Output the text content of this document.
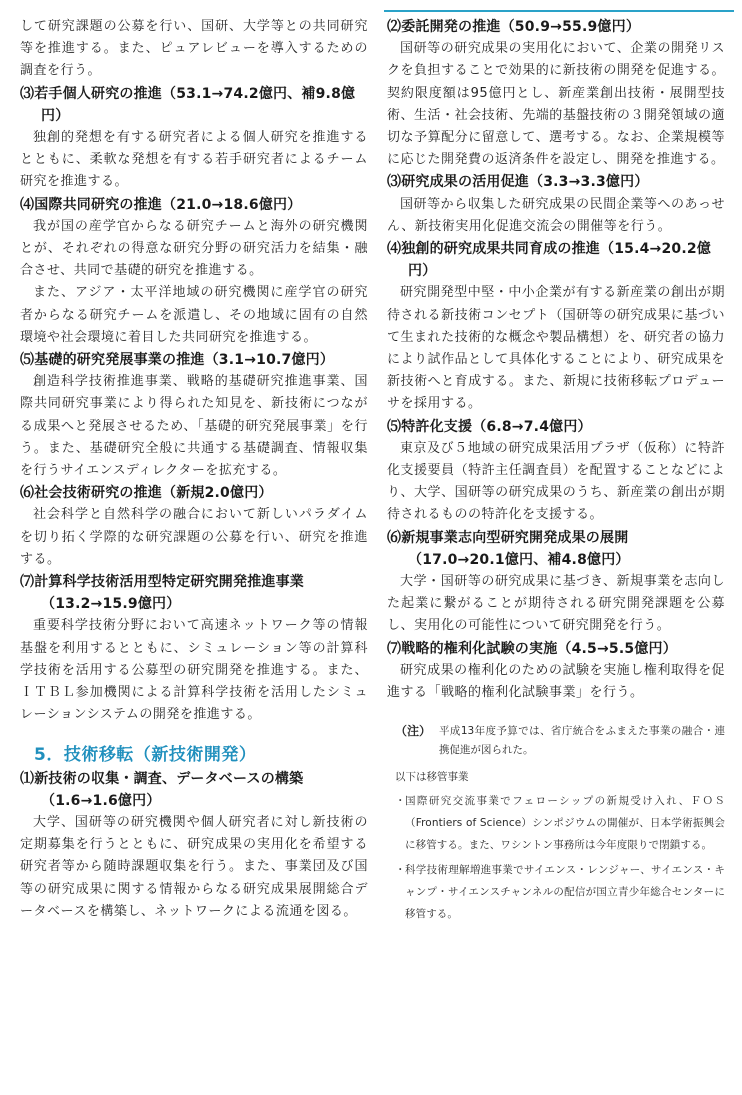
して研究課題の公募を行い、国研、大学等との共同研究等を推進する。また、ピュアレビューを導入するための調査を行う。

⑶若手個人研究の推進（53.1→74.2億円、補9.8億円）

独創的発想を有する研究者による個人研究を推進するとともに、柔軟な発想を有する若手研究者によるチーム研究を推進する。

⑷国際共同研究の推進（21.0→18.6億円）

我が国の産学官からなる研究チームと海外の研究機関とが、それぞれの得意な研究分野の研究活力を結集・融合させ、共同で基礎的研究を推進する。

また、アジア・太平洋地域の研究機関に産学官の研究者からなる研究チームを派遣し、その地域に固有の自然環境や社会環境に着目した共同研究を推進する。

⑸基礎的研究発展事業の推進（3.1→10.7億円）

創造科学技術推進事業、戦略的基礎研究推進事業、国際共同研究事業により得られた知見を、新技術につながる成果へと発展させるため、「基礎的研究発展事業」を行う。また、基礎研究全般に共通する基礎調査、情報収集を行うサイエンスディレクターを拡充する。

⑹社会技術研究の推進（新規2.0億円）

社会科学と自然科学の融合において新しいパラダイムを切り拓く学際的な研究課題の公募を行い、研究を推進する。

⑺計算科学技術活用型特定研究開発推進事業（13.2→15.9億円）

重要科学技術分野において高速ネットワーク等の情報基盤を利用するとともに、シミュレーション等の計算科学技術を活用する公募型の研究開発を推進する。また、ＩＴＢＬ参加機関による計算科学技術を活用したシミュレーションシステムの開発を推進する。

5．技術移転（新技術開発）
⑴新技術の収集・調査、データベースの構築（1.6→1.6億円）

大学、国研等の研究機関や個人研究者に対し新技術の定期募集を行うとともに、研究成果の実用化を希望する研究者等から随時課題収集を行う。また、事業団及び国等の研究成果に関する情報からなる研究成果展開総合データベースを構築し、ネットワークによる流通を図る。

⑵委託開発の推進（50.9→55.9億円）

国研等の研究成果の実用化において、企業の開発リスクを負担することで効果的に新技術の開発を促進する。契約限度額は95億円とし、新産業創出技術・展開型技術、生活・社会技術、先端的基盤技術の３開発領域の適切な予算配分に留意して、選考する。なお、企業規模等に応じた開発費の返済条件を設定し、開発を推進する。

⑶研究成果の活用促進（3.3→3.3億円）

国研等から収集した研究成果の民間企業等へのあっせん、新技術実用化促進交流会の開催等を行う。

⑷独創的研究成果共同育成の推進（15.4→20.2億円）

研究開発型中堅・中小企業が有する新産業の創出が期待される新技術コンセプト（国研等の研究成果に基づいて生まれた技術的な概念や製品構想）を、研究者の協力により試作品として具体化することにより、研究成果を新技術へと育成する。また、新規に技術移転プロデューサを採用する。

⑸特許化支援（6.8→7.4億円）

東京及び５地域の研究成果活用プラザ（仮称）に特許化支援要員（特許主任調査員）を配置することなどにより、大学、国研等の研究成果のうち、新産業の創出が期待されるものの特許化を支援する。

⑹新規事業志向型研究開発成果の展開（17.0→20.1億円、補4.8億円）

大学・国研等の研究成果に基づき、新規事業を志向した起業に繋がることが期待される研究開発課題を公募し、実用化の可能性について研究開発を行う。

⑺戦略的権利化試験の実施（4.5→5.5億円）

研究成果の権利化のための試験を実施し権利取得を促進する「戦略的権利化試験事業」を行う。

（注） 平成13年度予算では、省庁統合をふまえた事業の融合・連携促進が図られた。
以下は移管事業
・ 国際研究交流事業でフェローシップの新規受け入れ、ＦＯＳ（Frontiers of Science）シンポジウムの開催が、日本学術振興会に移管する。また、ワシントン事務所は今年度限りで閉鎖する。
・ 科学技術理解増進事業でサイエンス・レンジャー、サイエンス・キャンプ・サイエンスチャンネルの配信が国立青少年総合センターに移管する。
